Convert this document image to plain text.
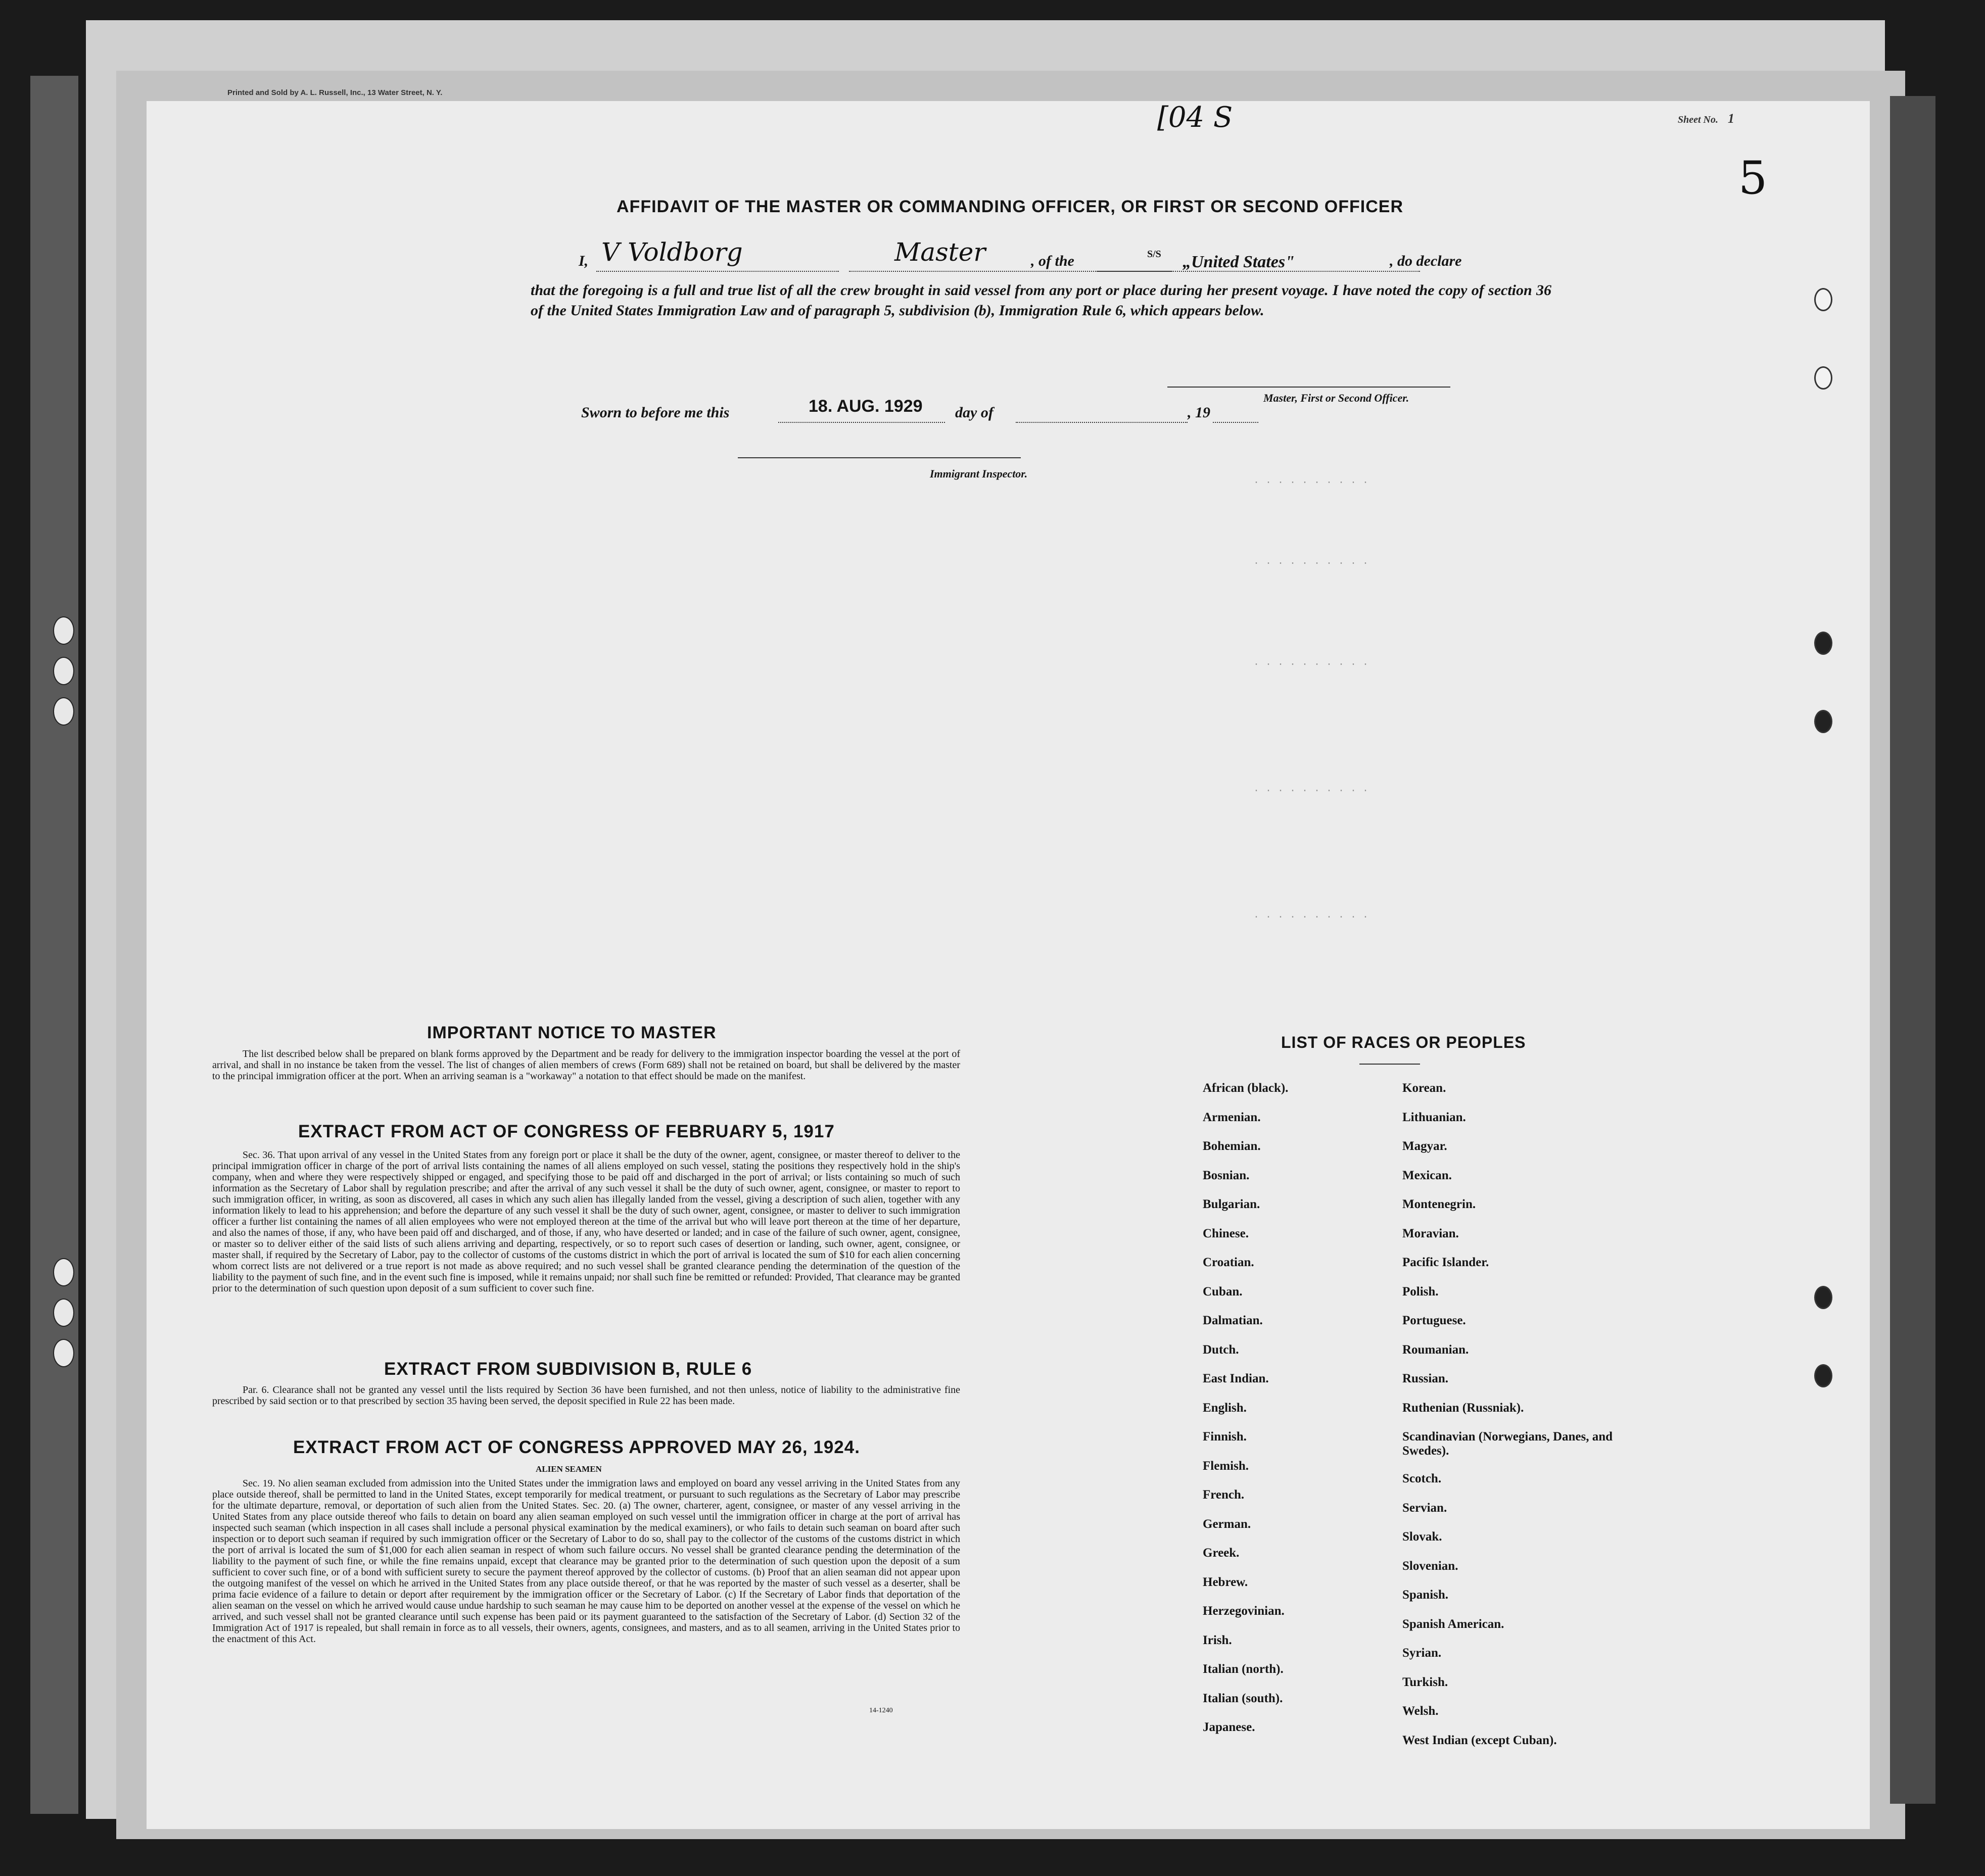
Printed and Sold by A. L. Russell, Inc., 13 Water Street, N. Y.
[04 S	Sheet No. 1
5
. . . . . . . . . .
. . . . . . . . . .
. . . . . . . . . .
. . . . . . . . . .
. . . . . . . . . .
AFFIDAVIT OF THE MASTER OR COMMANDING OFFICER, OR FIRST OR SECOND OFFICER
I, V Voldborg	Master	, of the	S/S „United States"	, do declare
that the foregoing is a full and true list of all the crew brought in said vessel from any port or place during her present voyage. I have noted the copy of section 36 of the United States Immigration Law and of paragraph 5, subdivision (b), Immigration Rule 6, which appears below.
Master, First or Second Officer.
Sworn to before me this	18. AUG. 1929 day of	, 19
Immigrant Inspector.
IMPORTANT NOTICE TO MASTER
The list described below shall be prepared on blank forms approved by the Department and be ready for delivery to the immigration inspector boarding the vessel at the port of arrival, and shall in no instance be taken from the vessel. The list of changes of alien members of crews (Form 689) shall not be retained on board, but shall be delivered by the master to the principal immigration officer at the port. When an arriving seaman is a "workaway" a notation to that effect should be made on the manifest.
EXTRACT FROM ACT OF CONGRESS OF FEBRUARY 5, 1917
Sec. 36. That upon arrival of any vessel in the United States from any foreign port or place it shall be the duty of the owner, agent, consignee, or master thereof to deliver to the principal immigration officer in charge of the port of arrival lists containing the names of all aliens employed on such vessel, stating the positions they respectively hold in the ship's company, when and where they were respectively shipped or engaged, and specifying those to be paid off and discharged in the port of arrival; or lists containing so much of such information as the Secretary of Labor shall by regulation prescribe; and after the arrival of any such vessel it shall be the duty of such owner, agent, consignee, or master to report to such immigration officer, in writing, as soon as discovered, all cases in which any such alien has illegally landed from the vessel, giving a description of such alien, together with any information likely to lead to his apprehension; and before the departure of any such vessel it shall be the duty of such owner, agent, consignee, or master to deliver to such immigration officer a further list containing the names of all alien employees who were not employed thereon at the time of the arrival but who will leave port thereon at the time of her departure, and also the names of those, if any, who have been paid off and discharged, and of those, if any, who have deserted or landed; and in case of the failure of such owner, agent, consignee, or master so to deliver either of the said lists of such aliens arriving and departing, respectively, or so to report such cases of desertion or landing, such owner, agent, consignee, or master shall, if required by the Secretary of Labor, pay to the collector of customs of the customs district in which the port of arrival is located the sum of $10 for each alien concerning whom correct lists are not delivered or a true report is not made as above required; and no such vessel shall be granted clearance pending the determination of the question of the liability to the payment of such fine, and in the event such fine is imposed, while it remains unpaid; nor shall such fine be remitted or refunded: Provided, That clearance may be granted prior to the determination of such question upon deposit of a sum sufficient to cover such fine.
EXTRACT FROM SUBDIVISION B, RULE 6
Par. 6. Clearance shall not be granted any vessel until the lists required by Section 36 have been furnished, and not then unless, notice of liability to the administrative fine prescribed by said section or to that prescribed by section 35 having been served, the deposit specified in Rule 22 has been made.
EXTRACT FROM ACT OF CONGRESS APPROVED MAY 26, 1924.
ALIEN SEAMEN
Sec. 19. No alien seaman excluded from admission into the United States under the immigration laws and employed on board any vessel arriving in the United States from any place outside thereof, shall be permitted to land in the United States, except temporarily for medical treatment, or pursuant to such regulations as the Secretary of Labor may prescribe for the ultimate departure, removal, or deportation of such alien from the United States. Sec. 20. (a) The owner, charterer, agent, consignee, or master of any vessel arriving in the United States from any place outside thereof who fails to detain on board any alien seaman employed on such vessel until the immigration officer in charge at the port of arrival has inspected such seaman (which inspection in all cases shall include a personal physical examination by the medical examiners), or who fails to detain such seaman on board after such inspection or to deport such seaman if required by such immigration officer or the Secretary of Labor to do so, shall pay to the collector of the customs of the customs district in which the port of arrival is located the sum of $1,000 for each alien seaman in respect of whom such failure occurs. No vessel shall be granted clearance pending the determination of the liability to the payment of such fine, or while the fine remains unpaid, except that clearance may be granted prior to the determination of such question upon the deposit of a sum sufficient to cover such fine, or of a bond with sufficient surety to secure the payment thereof approved by the collector of customs. (b) Proof that an alien seaman did not appear upon the outgoing manifest of the vessel on which he arrived in the United States from any place outside thereof, or that he was reported by the master of such vessel as a deserter, shall be prima facie evidence of a failure to detain or deport after requirement by the immigration officer or the Secretary of Labor. (c) If the Secretary of Labor finds that deportation of the alien seaman on the vessel on which he arrived would cause undue hardship to such seaman he may cause him to be deported on another vessel at the expense of the vessel on which he arrived, and such vessel shall not be granted clearance until such expense has been paid or its payment guaranteed to the satisfaction of the Secretary of Labor. (d) Section 32 of the Immigration Act of 1917 is repealed, but shall remain in force as to all vessels, their owners, agents, consignees, and masters, and as to all seamen, arriving in the United States prior to the enactment of this Act.
14-1240
LIST OF RACES OR PEOPLES
African (black).
Armenian.
Bohemian.
Bosnian.
Bulgarian.
Chinese.
Croatian.
Cuban.
Dalmatian.
Dutch.
East Indian.
English.
Finnish.
Flemish.
French.
German.
Greek.
Hebrew.
Herzegovinian.
Irish.
Italian (north).
Italian (south).
Japanese.
Korean.
Lithuanian.
Magyar.
Mexican.
Montenegrin.
Moravian.
Pacific Islander.
Polish.
Portuguese.
Roumanian.
Russian.
Ruthenian (Russniak).
Scandinavian (Norwegians, Danes, and Swedes).
Scotch.
Servian.
Slovak.
Slovenian.
Spanish.
Spanish American.
Syrian.
Turkish.
Welsh.
West Indian (except Cuban).
